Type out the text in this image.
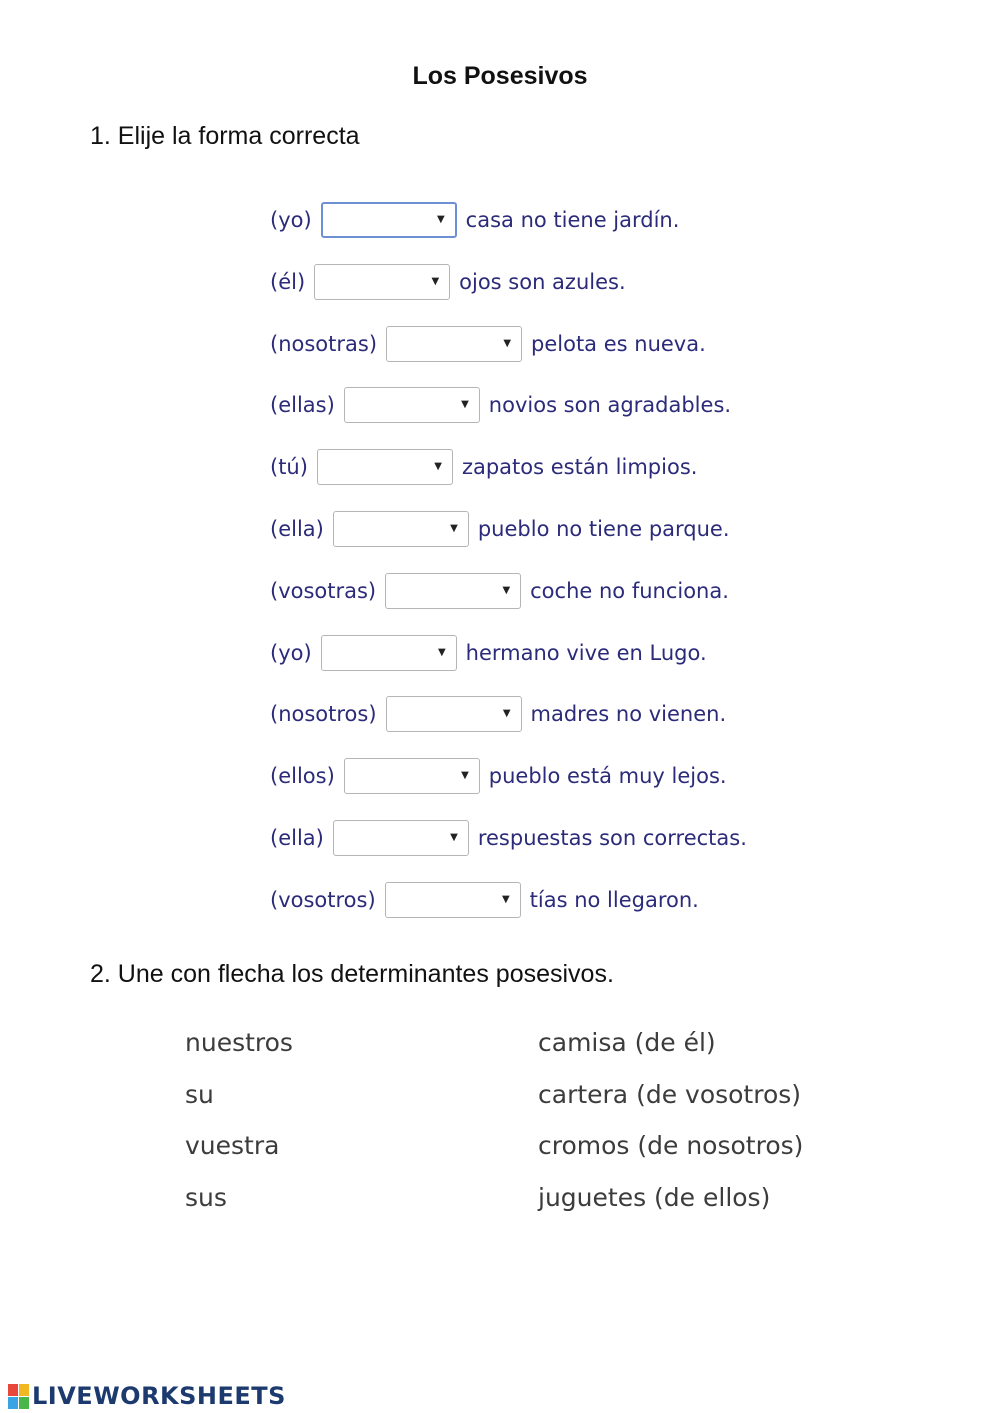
Los Posesivos
1. Elije la forma correcta
(yo)	▼ casa no tiene jardín.
(él)	▼ ojos son azules.
(nosotras)	▼ pelota es nueva.
(ellas)	▼ novios son agradables.
(tú)	▼ zapatos están limpios.
(ella)	▼ pueblo no tiene parque.
(vosotras)	▼ coche no funciona.
(yo)	▼ hermano vive en Lugo.
(nosotros)	▼ madres no vienen.
(ellos)	▼ pueblo está muy lejos.
(ella)	▼ respuestas son correctas.
(vosotros)	▼ tías no llegaron.
2. Une con flecha los determinantes posesivos.
nuestros
su
vuestra
sus
camisa (de él)
cartera (de vosotros)
cromos (de nosotros)
juguetes (de ellos)
LIVEWORKSHEETS
